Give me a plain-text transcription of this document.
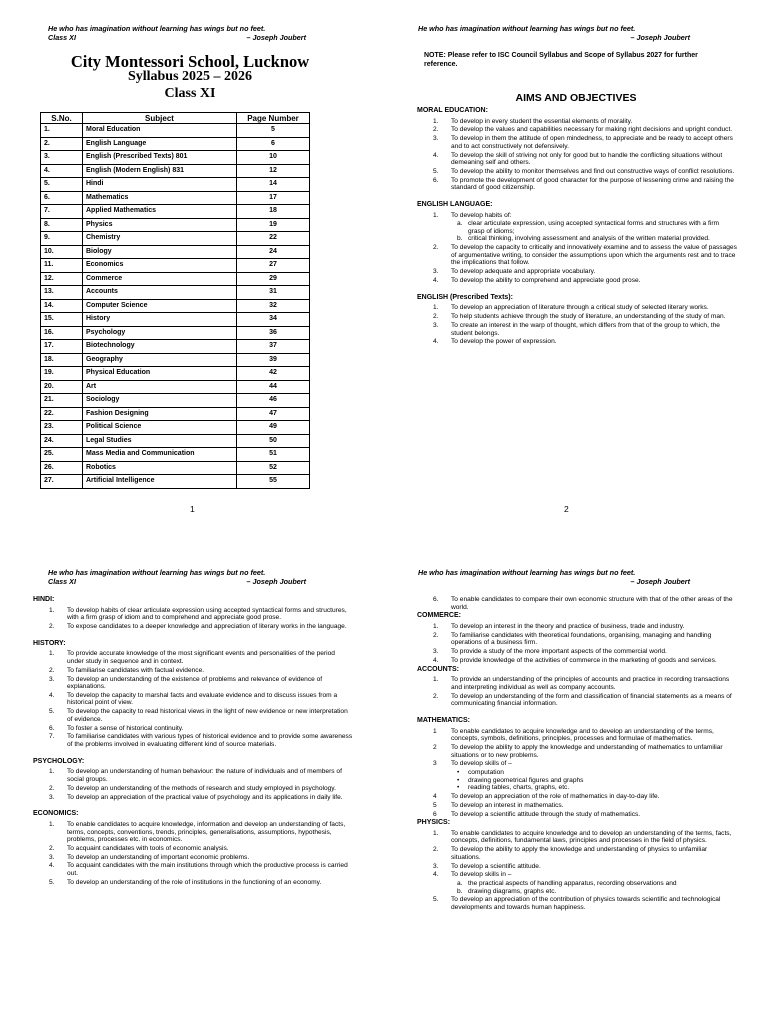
He who has imagination without learning has wings but no feet.
Class XI	– Joseph Joubert
City Montessori School, Lucknow
Syllabus 2025 – 2026
Class XI
S.No.	Subject	Page Number
1.	Moral Education	5
2.	English Language	6
3.	English (Prescribed Texts) 801	10
4.	English (Modern English) 831	12
5.	Hindi	14
6.	Mathematics	17
7.	Applied Mathematics	18
8.	Physics	19
9.	Chemistry	22
10.	Biology	24
11.	Economics	27
12.	Commerce	29
13.	Accounts	31
14.	Computer Science	32
15.	History	34
16.	Psychology	36
17.	Biotechnology	37
18.	Geography	39
19.	Physical Education	42
20.	Art	44
21.	Sociology	46
22.	Fashion Designing	47
23.	Political Science	49
24.	Legal Studies	50
25.	Mass Media and Communication	51
26.	Robotics	52
27.	Artificial Intelligence	55
1
He who has imagination without learning has wings but no feet.
– Joseph Joubert
NOTE: Please refer to ISC Council Syllabus and Scope of Syllabus 2027 for further reference.
AIMS AND OBJECTIVES
MORAL EDUCATION:
1. To develop in every student the essential elements of morality.
2. To develop the values and capabilities necessary for making right decisions and upright conduct.
3. To develop in them the attitude of open mindedness, to appreciate and be ready to accept others and to act constructively not defensively.
4. To develop the skill of striving not only for good but to handle the conflicting situations without demeaning self and others.
5. To develop the ability to monitor themselves and find out constructive ways of conflict resolutions.
6. To promote the development of good character for the purpose of lessening crime and raising the standard of good citizenship.
ENGLISH LANGUAGE:
1. To develop habits of:
a. clear articulate expression, using accepted syntactical forms and structures with a firm grasp of idioms;
b. critical thinking, involving assessment and analysis of the written material provided.
2. To develop the capacity to critically and innovatively examine and to assess the value of passages of argumentative writing, to consider the assumptions upon which the arguments rest and to trace the implications that follow.
3. To develop adequate and appropriate vocabulary.
4. To develop the ability to comprehend and appreciate good prose.
ENGLISH (Prescribed Texts):
1. To develop an appreciation of literature through a critical study of selected literary works.
2. To help students achieve through the study of literature, an understanding of the study of man.
3. To create an interest in the warp of thought, which differs from that of the group to which, the student belongs.
4. To develop the power of expression.
2
He who has imagination without learning has wings but no feet.
Class XI	– Joseph Joubert
HINDI:
1. To develop habits of clear articulate expression using accepted syntactical forms and structures, with a firm grasp of idiom and to comprehend and appreciate good prose.
2. To expose candidates to a deeper knowledge and appreciation of literary works in the language.
HISTORY:
1. To provide accurate knowledge of the most significant events and personalities of the period under study in sequence and in context.
2. To familiarise candidates with factual evidence.
3. To develop an understanding of the existence of problems and relevance of evidence of explanations.
4. To develop the capacity to marshal facts and evaluate evidence and to discuss issues from a historical point of view.
5. To develop the capacity to read historical views in the light of new evidence or new interpretation of evidence.
6. To foster a sense of historical continuity.
7. To familiarise candidates with various types of historical evidence and to provide some awareness of the problems involved in evaluating different kind of source materials.
PSYCHOLOGY:
1. To develop an understanding of human behaviour: the nature of individuals and of members of social groups.
2. To develop an understanding of the methods of research and study employed in psychology.
3. To develop an appreciation of the practical value of psychology and its applications in daily life.
ECONOMICS:
1. To enable candidates to acquire knowledge, information and develop an understanding of facts, terms, concepts, conventions, trends, principles, generalisations, assumptions, hypothesis, problems, processes etc. in economics.
2. To acquaint candidates with tools of economic analysis.
3. To develop an understanding of important economic problems.
4. To acquaint candidates with the main institutions through which the productive process is carried out.
5. To develop an understanding of the role of institutions in the functioning of an economy.
He who has imagination without learning has wings but no feet.
– Joseph Joubert
6. To enable candidates to compare their own economic structure with that of the other areas of the world.
COMMERCE:
1. To develop an interest in the theory and practice of business, trade and industry.
2. To familiarise candidates with theoretical foundations, organising, managing and handling operations of a business firm.
3. To provide a study of the more important aspects of the commercial world.
4. To provide knowledge of the activities of commerce in the marketing of goods and services.
ACCOUNTS:
1. To provide an understanding of the principles of accounts and practice in recording transactions and interpreting individual as well as company accounts.
2. To develop an understanding of the form and classification of financial statements as a means of communicating financial information.
MATHEMATICS:
1 To enable candidates to acquire knowledge and to develop an understanding of the terms, concepts, symbols, definitions, principles, processes and formulae of mathematics.
2 To develop the ability to apply the knowledge and understanding of mathematics to unfamiliar situations or to new problems.
3 To develop skills of –
• computation
• drawing geometrical figures and graphs
• reading tables, charts, graphs, etc.
4 To develop an appreciation of the role of mathematics in day-to-day life.
5 To develop an interest in mathematics.
6 To develop a scientific attitude through the study of mathematics.
PHYSICS:
1. To enable candidates to acquire knowledge and to develop an understanding of the terms, facts, concepts, definitions, fundamental laws, principles and processes in the field of physics.
2. To develop the ability to apply the knowledge and understanding of physics to unfamiliar situations.
3. To develop a scientific attitude.
4. To develop skills in –
a. the practical aspects of handling apparatus, recording observations and
b. drawing diagrams, graphs etc.
5. To develop an appreciation of the contribution of physics towards scientific and technological developments and towards human happiness.
